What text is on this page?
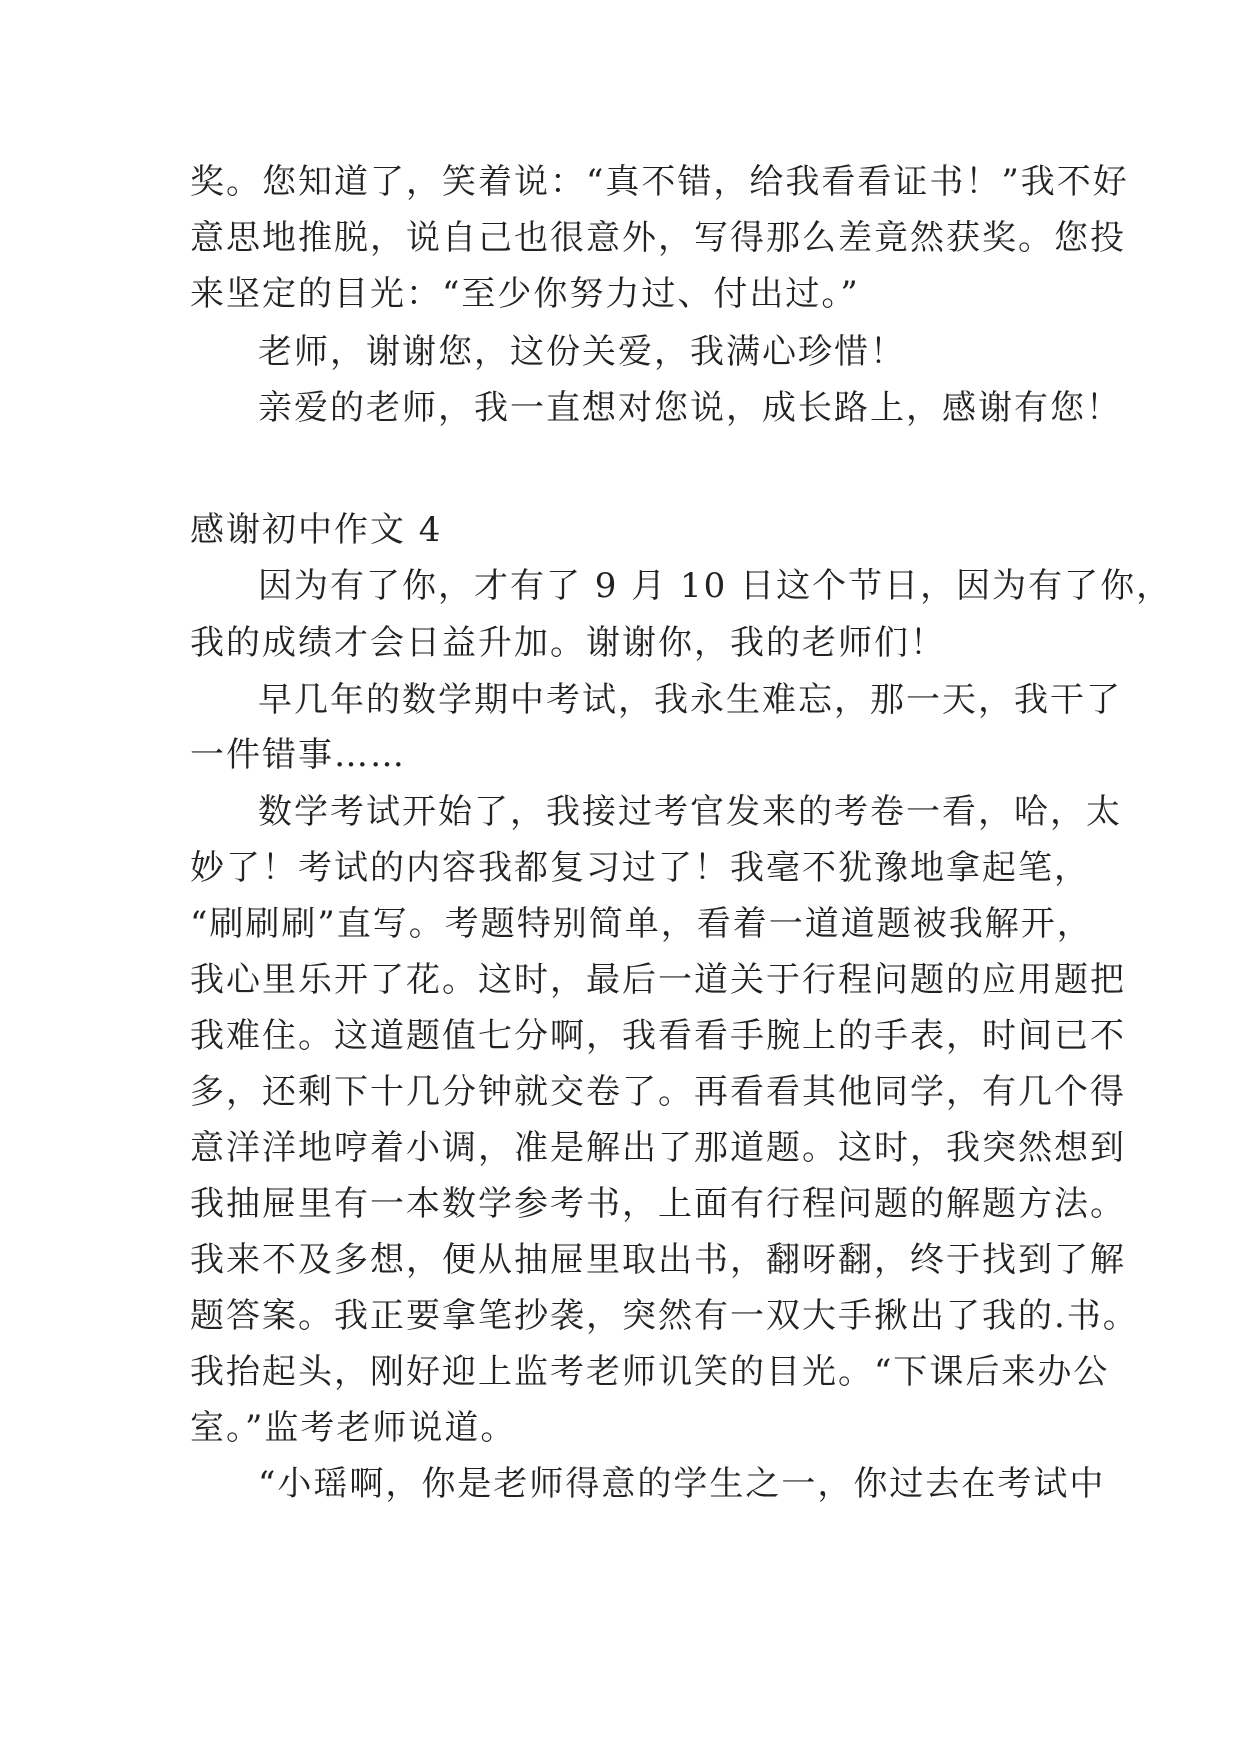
奖。您知道了，笑着说：“真不错，给我看看证书！”我不好
意思地推脱，说自己也很意外，写得那么差竟然获奖。您投
来坚定的目光：“至少你努力过、付出过。”
老师，谢谢您，这份关爱，我满心珍惜！
亲爱的老师，我一直想对您说，成长路上，感谢有您！
感谢初中作文 4
因为有了你，才有了 9 月 10 日这个节日，因为有了你，
我的成绩才会日益升加。谢谢你，我的老师们！
早几年的数学期中考试，我永生难忘，那一天，我干了
一件错事……
数学考试开始了，我接过考官发来的考卷一看，哈，太
妙了！考试的内容我都复习过了！我毫不犹豫地拿起笔，
“刷刷刷”直写。考题特别简单，看着一道道题被我解开，
我心里乐开了花。这时，最后一道关于行程问题的应用题把
我难住。这道题值七分啊，我看看手腕上的手表，时间已不
多，还剩下十几分钟就交卷了。再看看其他同学，有几个得
意洋洋地哼着小调，准是解出了那道题。这时，我突然想到
我抽屉里有一本数学参考书，上面有行程问题的解题方法。
我来不及多想，便从抽屉里取出书，翻呀翻，终于找到了解
题答案。我正要拿笔抄袭，突然有一双大手揪出了我的.书。
我抬起头，刚好迎上监考老师讥笑的目光。“下课后来办公
室。”监考老师说道。
“小瑶啊，你是老师得意的学生之一，你过去在考试中
